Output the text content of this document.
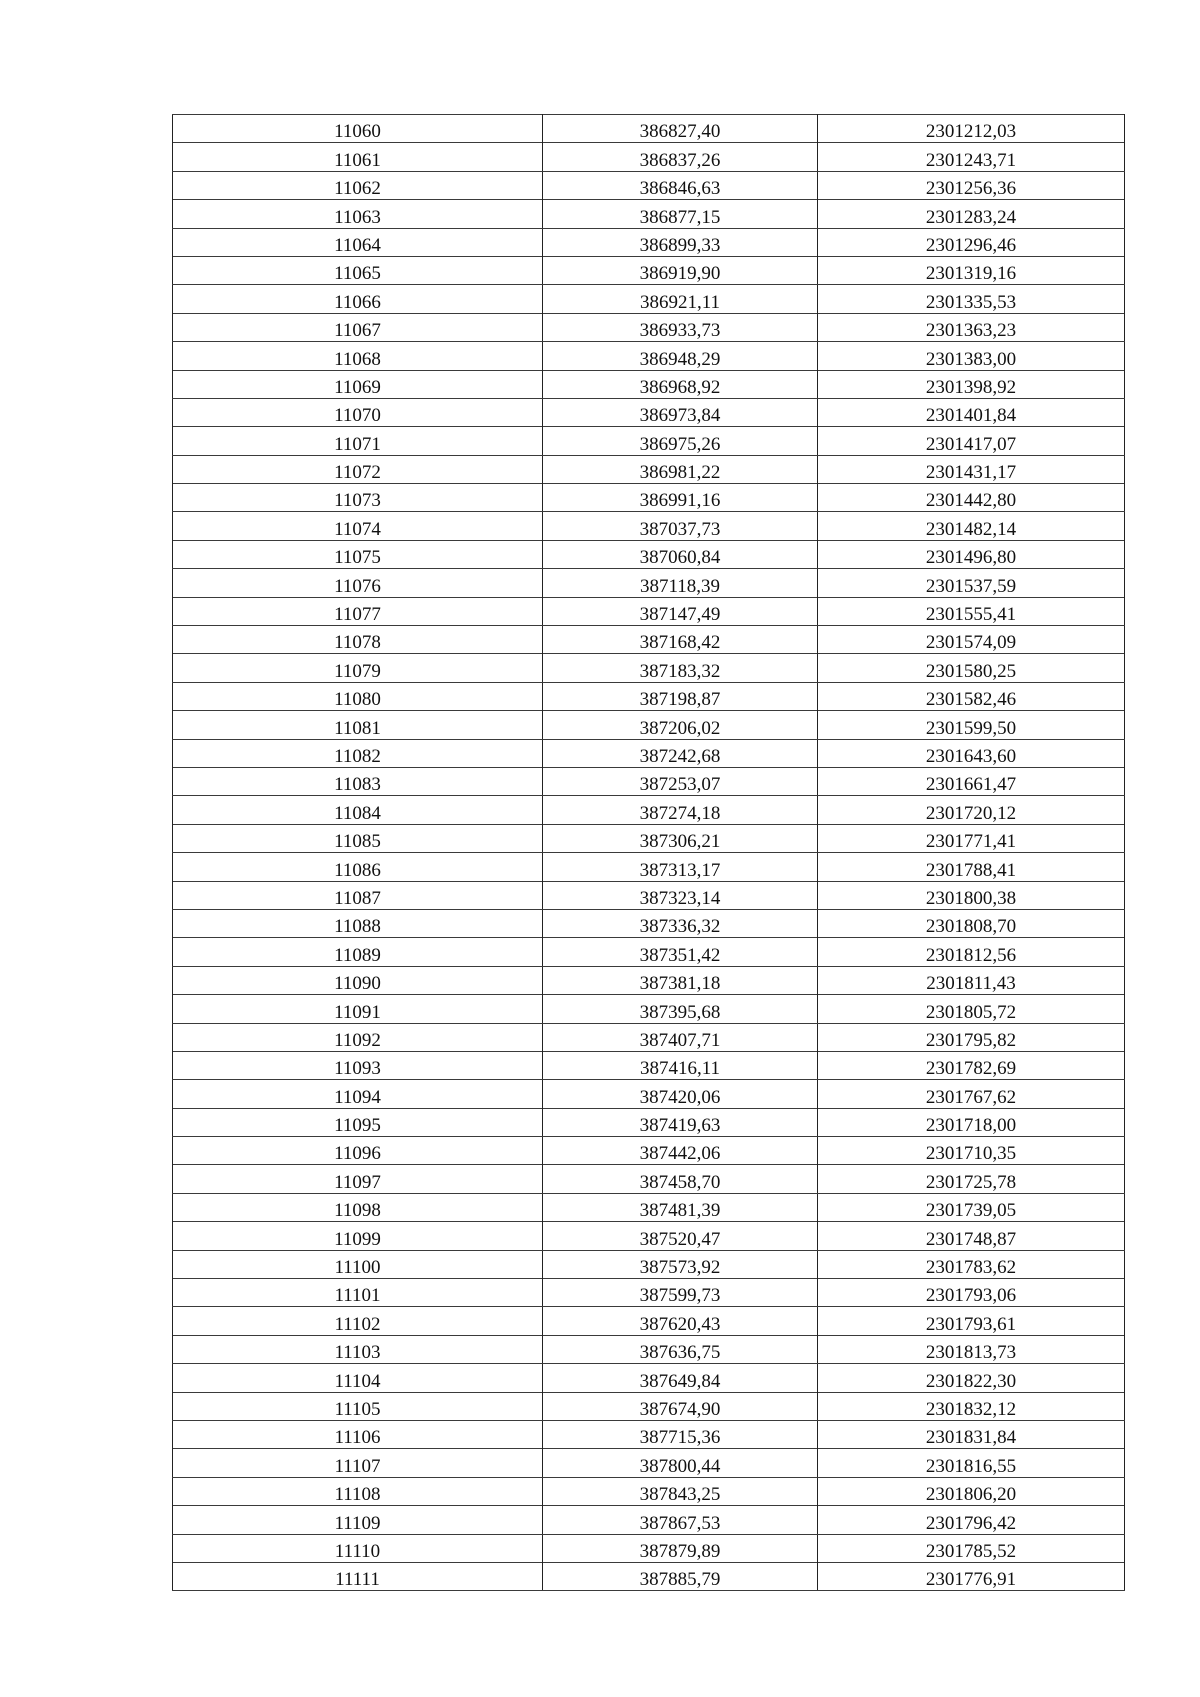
11060	386827,40	2301212,03
11061	386837,26	2301243,71
11062	386846,63	2301256,36
11063	386877,15	2301283,24
11064	386899,33	2301296,46
11065	386919,90	2301319,16
11066	386921,11	2301335,53
11067	386933,73	2301363,23
11068	386948,29	2301383,00
11069	386968,92	2301398,92
11070	386973,84	2301401,84
11071	386975,26	2301417,07
11072	386981,22	2301431,17
11073	386991,16	2301442,80
11074	387037,73	2301482,14
11075	387060,84	2301496,80
11076	387118,39	2301537,59
11077	387147,49	2301555,41
11078	387168,42	2301574,09
11079	387183,32	2301580,25
11080	387198,87	2301582,46
11081	387206,02	2301599,50
11082	387242,68	2301643,60
11083	387253,07	2301661,47
11084	387274,18	2301720,12
11085	387306,21	2301771,41
11086	387313,17	2301788,41
11087	387323,14	2301800,38
11088	387336,32	2301808,70
11089	387351,42	2301812,56
11090	387381,18	2301811,43
11091	387395,68	2301805,72
11092	387407,71	2301795,82
11093	387416,11	2301782,69
11094	387420,06	2301767,62
11095	387419,63	2301718,00
11096	387442,06	2301710,35
11097	387458,70	2301725,78
11098	387481,39	2301739,05
11099	387520,47	2301748,87
11100	387573,92	2301783,62
11101	387599,73	2301793,06
11102	387620,43	2301793,61
11103	387636,75	2301813,73
11104	387649,84	2301822,30
11105	387674,90	2301832,12
11106	387715,36	2301831,84
11107	387800,44	2301816,55
11108	387843,25	2301806,20
11109	387867,53	2301796,42
11110	387879,89	2301785,52
11111	387885,79	2301776,91
